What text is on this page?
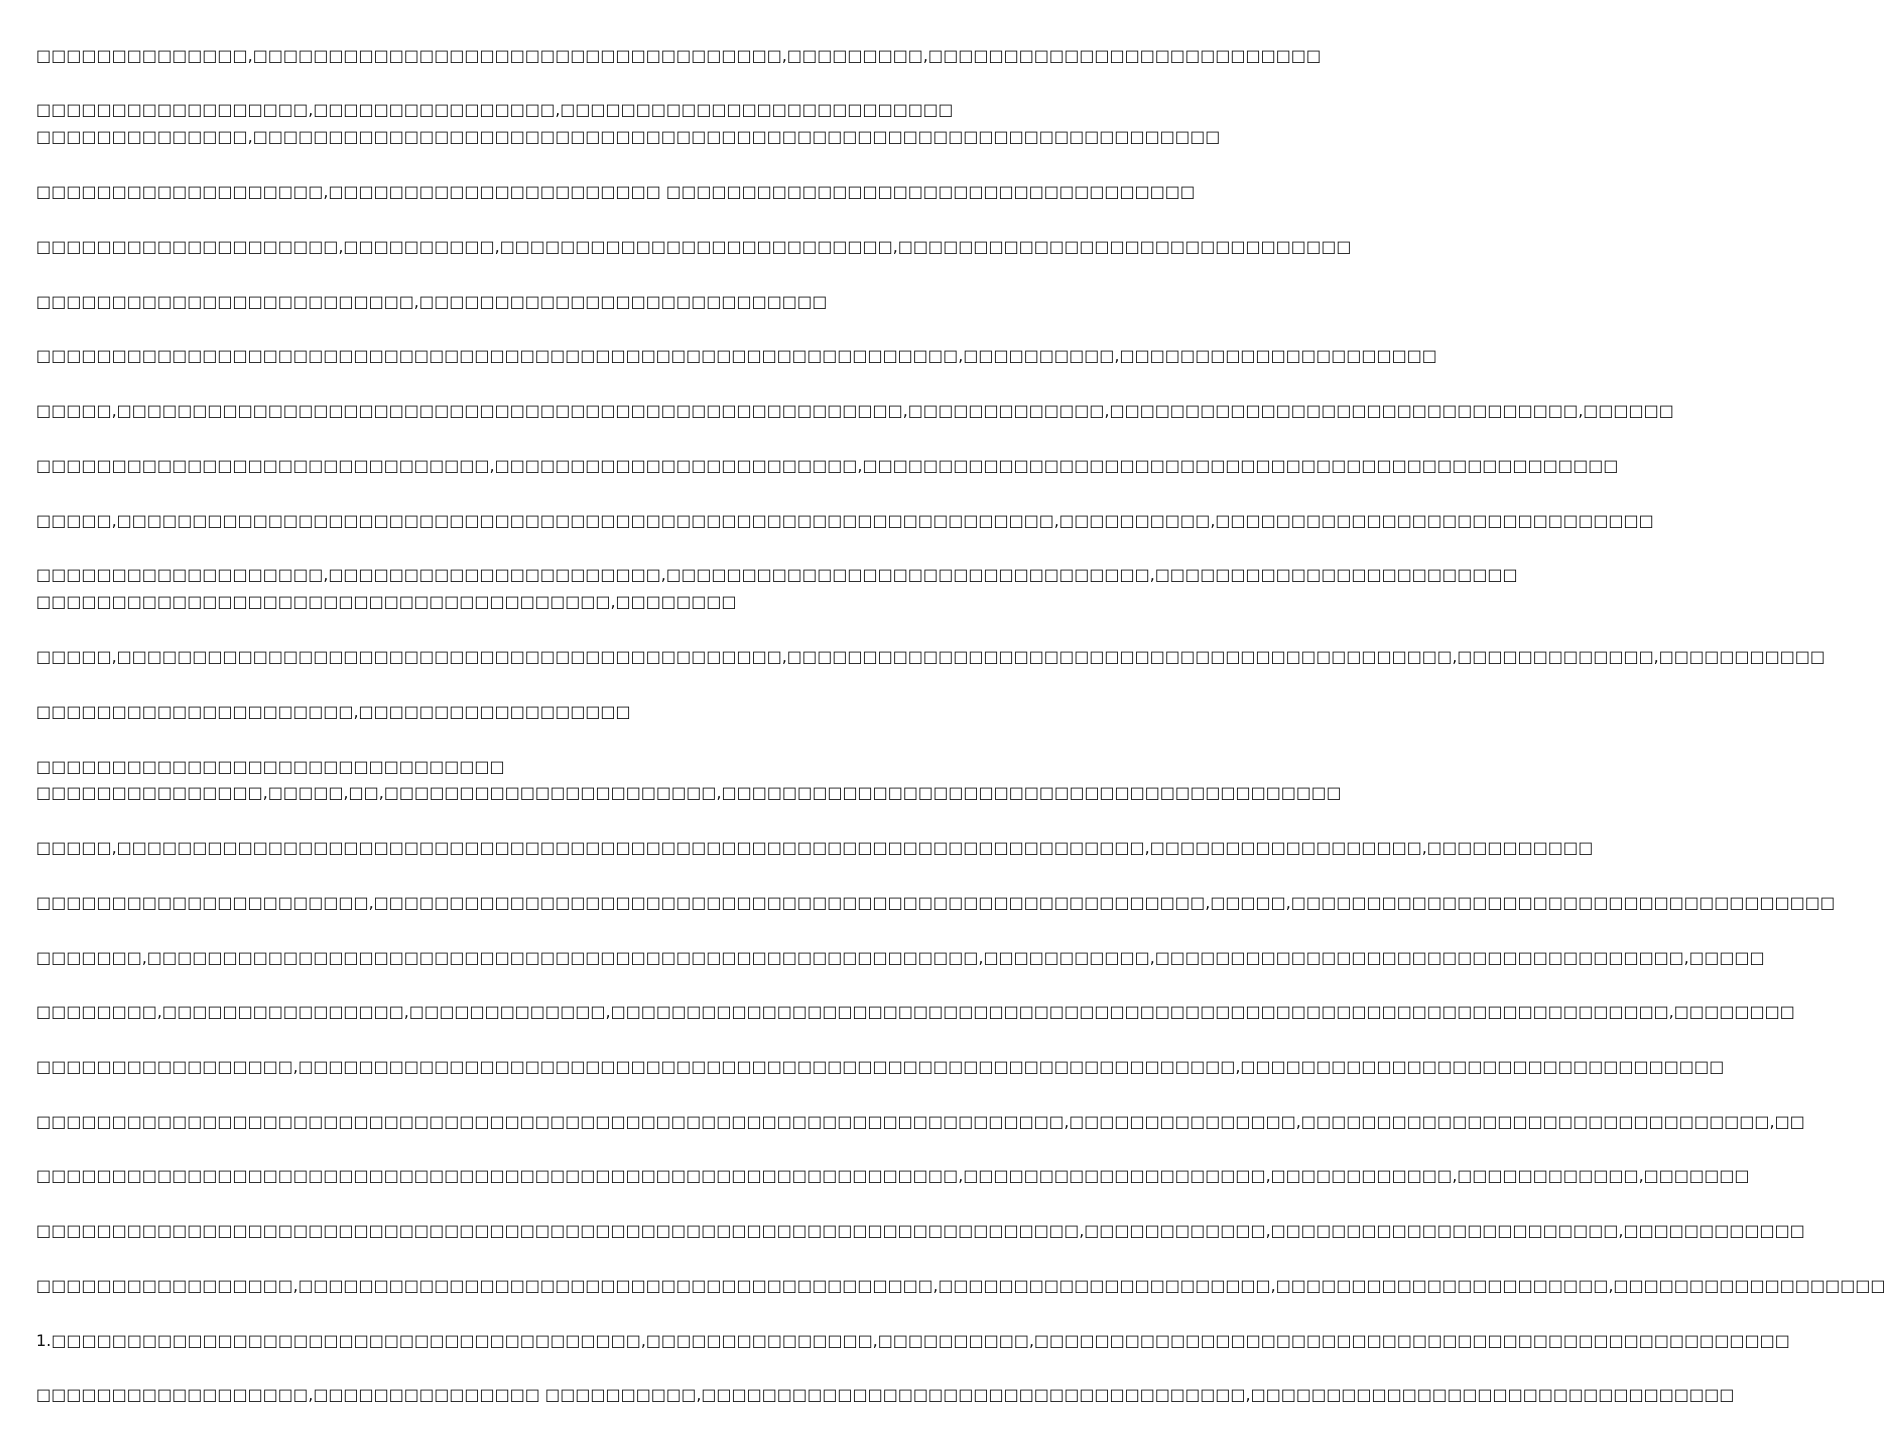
□□□□□□□□□□□□□□,□□□□□□□□□□□□□□□□□□□□□□□□□□□□□□□□□□□,□□□□□□□□□,□□□□□□□□□□□□□□□□□□□□□□□□□□
□□□□□□□□□□□□□□□□□□,□□□□□□□□□□□□□□□□,□□□□□□□□□□□□□□□□□□□□□□□□□□
□□□□□□□□□□□□□□,□□□□□□□□□□□□□□□□□□□□□□□□□□□□□□□□□□□□□□□□□□□□□□□□□□□□□□□□□□□□□□□□
□□□□□□□□□□□□□□□□□□□,□□□□□□□□□□□□□□□□□□□□□□ □□□□□□□□□□□□□□□□□□□□□□□□□□□□□□□□□□□
□□□□□□□□□□□□□□□□□□□□,□□□□□□□□□□,□□□□□□□□□□□□□□□□□□□□□□□□□□,□□□□□□□□□□□□□□□□□□□□□□□□□□□□□□
□□□□□□□□□□□□□□□□□□□□□□□□□,□□□□□□□□□□□□□□□□□□□□□□□□□□□
□□□□□□□□□□□□□□□□□□□□□□□□□□□□□□□□□□□□□□□□□□□□□□□□□□□□□□□□□□□□□,□□□□□□□□□□,□□□□□□□□□□□□□□□□□□□□□
□□□□□,□□□□□□□□□□□□□□□□□□□□□□□□□□□□□□□□□□□□□□□□□□□□□□□□□□□□,□□□□□□□□□□□□□,□□□□□□□□□□□□□□□□□□□□□□□□□□□□□□□,□□□□□□
□□□□□□□□□□□□□□□□□□□□□□□□□□□□□□,□□□□□□□□□□□□□□□□□□□□□□□□,□□□□□□□□□□□□□□□□□□□□□□□□□□□□□□□□□□□□□□□□□□□□□□□□□□
□□□□□,□□□□□□□□□□□□□□□□□□□□□□□□□□□□□□□□□□□□□□□□□□□□□□□□□□□□□□□□□□□□□□,□□□□□□□□□□,□□□□□□□□□□□□□□□□□□□□□□□□□□□□□
□□□□□□□□□□□□□□□□□□□,□□□□□□□□□□□□□□□□□□□□□□,□□□□□□□□□□□□□□□□□□□□□□□□□□□□□□□□,□□□□□□□□□□□□□□□□□□□□□□□□
□□□□□□□□□□□□□□□□□□□□□□□□□□□□□□□□□□□□□□,□□□□□□□□
□□□□□,□□□□□□□□□□□□□□□□□□□□□□□□□□□□□□□□□□□□□□□□□□□□,□□□□□□□□□□□□□□□□□□□□□□□□□□□□□□□□□□□□□□□□□□□□,□□□□□□□□□□□□□,□□□□□□□□□□□
□□□□□□□□□□□□□□□□□□□□□,□□□□□□□□□□□□□□□□□□
□□□□□□□□□□□□□□□□□□□□□□□□□□□□□□□
□□□□□□□□□□□□□□□,□□□□□,□□,□□□□□□□□□□□□□□□□□□□□□□,□□□□□□□□□□□□□□□□□□□□□□□□□□□□□□□□□□□□□□□□□
□□□□□,□□□□□□□□□□□□□□□□□□□□□□□□□□□□□□□□□□□□□□□□□□□□□□□□□□□□□□□□□□□□□□□□□□□□,□□□□□□□□□□□□□□□□□□,□□□□□□□□□□□
□□□□□□□□□□□□□□□□□□□□□□,□□□□□□□□□□□□□□□□□□□□□□□□□□□□□□□□□□□□□□□□□□□□□□□□□□□□□□□,□□□□□,□□□□□□□□□□□□□□□□□□□□□□□□□□□□□□□□□□□□
□□□□□□□,□□□□□□□□□□□□□□□□□□□□□□□□□□□□□□□□□□□□□□□□□□□□□□□□□□□□□□□,□□□□□□□□□□□,□□□□□□□□□□□□□□□□□□□□□□□□□□□□□□□□□□□,□□□□□
□□□□□□□□,□□□□□□□□□□□□□□□□,□□□□□□□□□□□□□,□□□□□□□□□□□□□□□□□□□□□□□□□□□□□□□□□□□□□□□□□□□□□□□□□□□□□□□□□□□□□□□□□□□□□□,□□□□□□□□
□□□□□□□□□□□□□□□□□,□□□□□□□□□□□□□□□□□□□□□□□□□□□□□□□□□□□□□□□□□□□□□□□□□□□□□□□□□□□□□□,□□□□□□□□□□□□□□□□□□□□□□□□□□□□□□□□
□□□□□□□□□□□□□□□□□□□□□□□□□□□□□□□□□□□□□□□□□□□□□□□□□□□□□□□□□□□□□□□□□□□□,□□□□□□□□□□□□□□□,□□□□□□□□□□□□□□□□□□□□□□□□□□□□□□□,□□
□□□□□□□□□□□□□□□□□□□□□□□□□□□□□□□□□□□□□□□□□□□□□□□□□□□□□□□□□□□□□,□□□□□□□□□□□□□□□□□□□□,□□□□□□□□□□□□,□□□□□□□□□□□□,□□□□□□□
□□□□□□□□□□□□□□□□□□□□□□□□□□□□□□□□□□□□□□□□□□□□□□□□□□□□□□□□□□□□□□□□□□□□□,□□□□□□□□□□□□,□□□□□□□□□□□□□□□□□□□□□□□,□□□□□□□□□□□□
□□□□□□□□□□□□□□□□□,□□□□□□□□□□□□□□□□□□□□□□□□□□□□□□□□□□□□□□□□□□,□□□□□□□□□□□□□□□□□□□□□□,□□□□□□□□□□□□□□□□□□□□□□,□□□□□□□□□□□□□□□□□□
1.□□□□□□□□□□□□□□□□□□□□□□□□□□□□□□□□□□□□□□□,□□□□□□□□□□□□□□□,□□□□□□□□□□,□□□□□□□□□□□□□□□□□□□□□□□□□□□□□□□□□□□□□□□□□□□□□□□□□□
□□□□□□□□□□□□□□□□□□,□□□□□□□□□□□□□□□ □□□□□□□□□□,□□□□□□□□□□□□□□□□□□□□□□□□□□□□□□□□□□□□,□□□□□□□□□□□□□□□□□□□□□□□□□□□□□□□□
